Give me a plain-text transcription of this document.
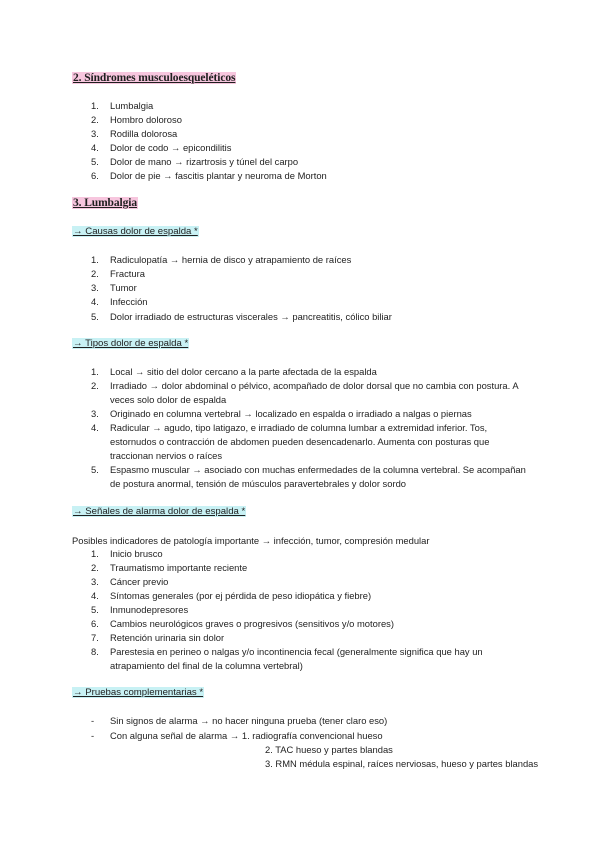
2. Síndromes musculoesqueléticos
1.	Lumbalgia
2.	Hombro doloroso
3.	Rodilla dolorosa
4.	Dolor de codo → epicondilitis
5.	Dolor de mano → rizartrosis y túnel del carpo
6.	Dolor de pie → fascitis plantar y neuroma de Morton
3. Lumbalgia
→ Causas dolor de espalda *
1.	Radiculopatía → hernia de disco y atrapamiento de raíces
2.	Fractura
3.	Tumor
4.	Infección
5.	Dolor irradiado de estructuras viscerales → pancreatitis, cólico biliar
→ Tipos dolor de espalda *
1.	Local → sitio del dolor cercano a la parte afectada de la espalda
2.	Irradiado → dolor abdominal o pélvico, acompañado de dolor dorsal que no cambia con postura. A
veces solo dolor de espalda
3.	Originado en columna vertebral → localizado en espalda o irradiado a nalgas o piernas
4.	Radicular → agudo, tipo latigazo, e irradiado de columna lumbar a extremidad inferior. Tos,
estornudos o contracción de abdomen pueden desencadenarlo. Aumenta con posturas que
traccionan nervios o raíces
5.	Espasmo muscular → asociado con muchas enfermedades de la columna vertebral. Se acompañan
de postura anormal, tensión de músculos paravertebrales y dolor sordo
→ Señales de alarma dolor de espalda *
Posibles indicadores de patología importante → infección, tumor, compresión medular
1.	Inicio brusco
2.	Traumatismo importante reciente
3.	Cáncer previo
4.	Síntomas generales (por ej pérdida de peso idiopática y fiebre)
5.	Inmunodepresores
6.	Cambios neurológicos graves o progresivos (sensitivos y/o motores)
7.	Retención urinaria sin dolor
8.	Parestesia en perineo o nalgas y/o incontinencia fecal (generalmente significa que hay un
atrapamiento del final de la columna vertebral)
→ Pruebas complementarias *
- Sin signos de alarma → no hacer ninguna prueba (tener claro eso)
- Con alguna señal de alarma → 1. radiografía convencional hueso
2. TAC hueso y partes blandas
3. RMN médula espinal, raíces nerviosas, hueso y partes blandas
